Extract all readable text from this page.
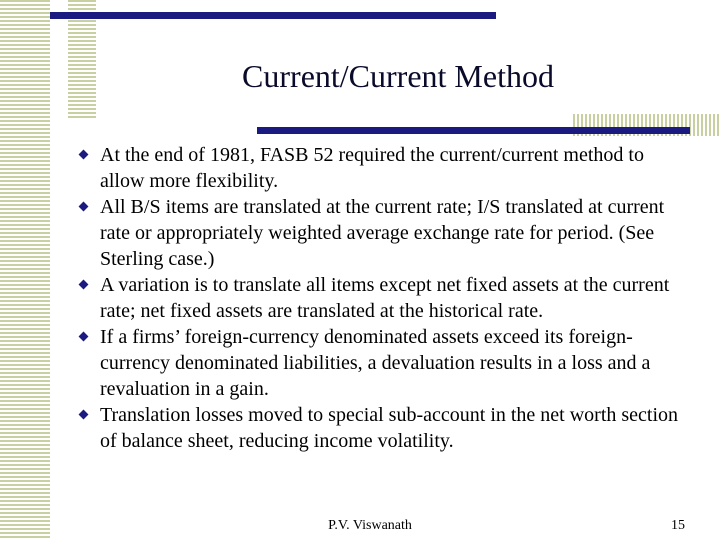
Current/Current Method
At the end of 1981, FASB 52 required the current/current method to allow more flexibility.
All B/S items are translated at the current rate; I/S translated at current rate or appropriately weighted average exchange rate for period. (See Sterling case.)
A variation is to translate all items except net fixed assets at the current rate; net fixed assets are translated at the historical rate.
If a firms’ foreign-currency denominated assets exceed its foreign-currency denominated liabilities, a devaluation results in a loss and a revaluation in a gain.
Translation losses moved to special sub-account in the net worth section of balance sheet, reducing income volatility.
P.V. Viswanath	15
